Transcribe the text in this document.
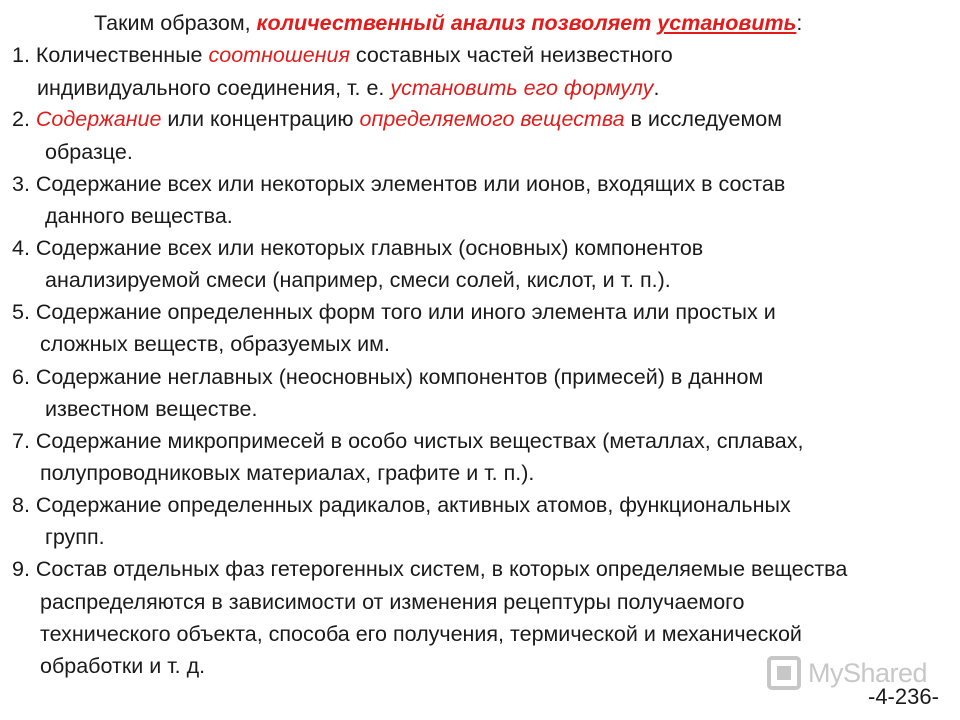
Таким образом, количественный анализ позволяет установить:
1. Количественные соотношения составных частей неизвестного
индивидуального соединения, т. е. установить его формулу.
2. Содержание или концентрацию определяемого вещества в исследуемом
образце.
3. Содержание всех или некоторых элементов или ионов, входящих в состав
данного вещества.
4. Содержание всех или некоторых главных (основных) компонентов
анализируемой смеси (например, смеси солей, кислот, и т. п.).
5. Содержание определенных форм того или иного элемента или простых и
сложных веществ, образуемых им.
6. Содержание неглавных (неосновных) компонентов (примесей) в данном
известном веществе.
7. Содержание микропримесей в особо чистых веществах (металлах, сплавах,
полупроводниковых материалах, графите и т. п.).
8. Содержание определенных радикалов, активных атомов, функциональных
групп.
9. Состав отдельных фаз гетерогенных систем, в которых определяемые вещества
распределяются в зависимости от изменения рецептуры получаемого
технического объекта, способа его получения, термической и механической
обработки и т. д.	MyShared
-4-236-
